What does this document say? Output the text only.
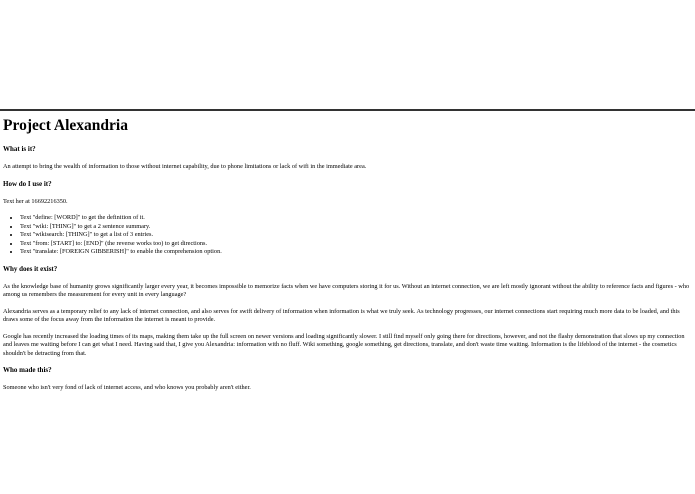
Project Alexandria
What is it?

An attempt to bring the wealth of information to those without internet capability, due to phone limitations or lack of wifi in the immediate area.

How do I use it?

Text her at 16692216350.

• Text "define: [WORD]" to get the definition of it.
• Text "wiki: [THING]" to get a 2 sentence summary.
• Text "wikisearch: [THING]" to get a list of 3 entries.
• Text "from: [START] to: [END]" (the reverse works too) to get directions.
• Text "translate: [FOREIGN GIBBERISH]" to enable the comprehension option.
Why does it exist?

As the knowledge base of humanity grows significantly larger every year, it becomes impossible to memorize facts when we have computers storing it for us. Without an internet connection, we are left mostly ignorant without the ability to reference facts and figures - who among us remembers the measurement for every unit in every language?

Alexandria serves as a temporary relief to any lack of internet connection, and also serves for swift delivery of information when information is what we truly seek. As technology progresses, our internet connections start requiring much more data to be loaded, and this draws some of the focus away from the information the internet is meant to provide.

Google has recently increased the loading times of its maps, making them take up the full screen on newer versions and loading significantly slower. I still find myself only going there for directions, however, and not the flashy demonstration that slows up my connection and leaves me waiting before I can get what I need. Having said that, I give you Alexandria: information with no fluff. Wiki something, google something, get directions, translate, and don't waste time waiting. Information is the lifeblood of the internet - the cosmetics shouldn't be detracting from that.

Who made this?

Someone who isn't very fond of lack of internet access, and who knows you probably aren't either.
